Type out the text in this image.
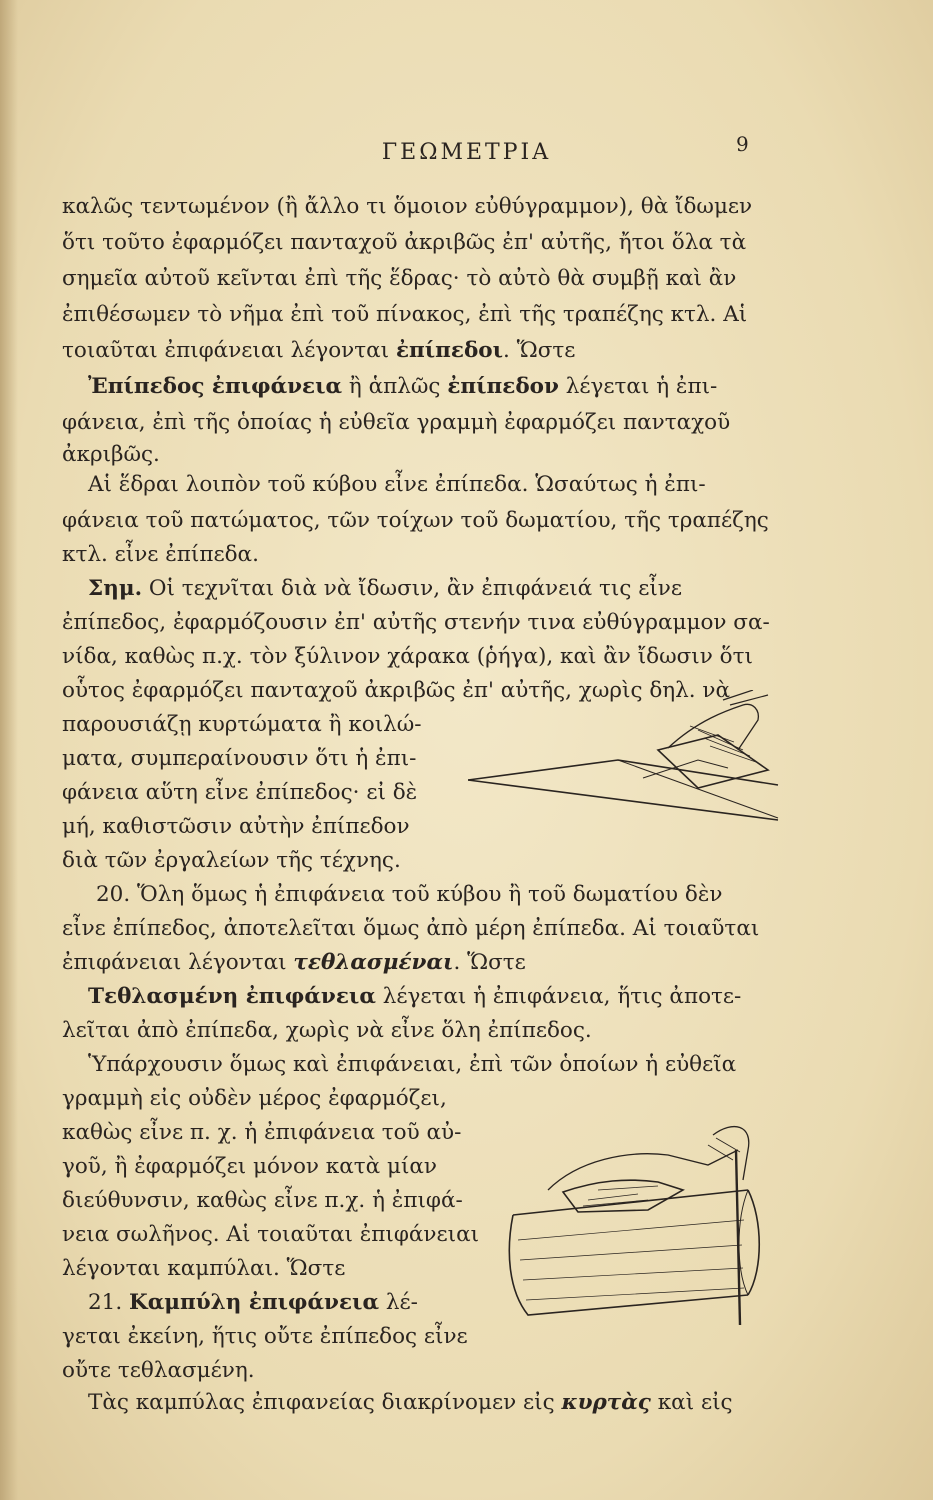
ΓΕΩΜΕΤΡΙΑ	9
καλῶς τεντωμένον (ἢ ἄλλο τι ὅμοιον εὐθύγραμμον), θὰ ἴδωμεν
ὅτι τοῦτο ἐφαρμόζει πανταχοῦ ἀκριβῶς ἐπ' αὐτῆς, ἤτοι ὅλα τὰ
σημεῖα αὐτοῦ κεῖνται ἐπὶ τῆς ἕδρας· τὸ αὐτὸ θὰ συμβῇ καὶ ἂν
ἐπιθέσωμεν τὸ νῆμα ἐπὶ τοῦ πίνακος, ἐπὶ τῆς τραπέζης κτλ. Αἱ
τοιαῦται ἐπιφάνειαι λέγονται ἐπίπεδοι. Ὥστε
Ἐπίπεδος ἐπιφάνεια ἢ ἁπλῶς ἐπίπεδον λέγεται ἡ ἐπι-
φάνεια, ἐπὶ τῆς ὁποίας ἡ εὐθεῖα γραμμὴ ἐφαρμόζει πανταχοῦ
ἀκριβῶς.
Αἱ ἕδραι λοιπὸν τοῦ κύβου εἶνε ἐπίπεδα. Ὡσαύτως ἡ ἐπι-
φάνεια τοῦ πατώματος, τῶν τοίχων τοῦ δωματίου, τῆς τραπέζης
κτλ. εἶνε ἐπίπεδα.
Σημ. Οἱ τεχνῖται διὰ νὰ ἴδωσιν, ἂν ἐπιφάνειά τις εἶνε
ἐπίπεδος, ἐφαρμόζουσιν ἐπ' αὐτῆς στενήν τινα εὐθύγραμμον σα-
νίδα, καθὼς π.χ. τὸν ξύλινον χάρακα (ῥήγα), καὶ ἂν ἴδωσιν ὅτι
οὗτος ἐφαρμόζει πανταχοῦ ἀκριβῶς ἐπ' αὐτῆς, χωρὶς δηλ. νὰ
παρουσιάζῃ κυρτώματα ἢ κοιλώ-
ματα, συμπεραίνουσιν ὅτι ἡ ἐπι-
φάνεια αὕτη εἶνε ἐπίπεδος· εἰ δὲ
μή, καθιστῶσιν αὐτὴν ἐπίπεδον
διὰ τῶν ἐργαλείων τῆς τέχνης.
20. Ὅλη ὅμως ἡ ἐπιφάνεια τοῦ κύβου ἢ τοῦ δωματίου δὲν
εἶνε ἐπίπεδος, ἀποτελεῖται ὅμως ἀπὸ μέρη ἐπίπεδα. Αἱ τοιαῦται
ἐπιφάνειαι λέγονται τεθλασμέναι. Ὥστε
Τεθλασμένη ἐπιφάνεια λέγεται ἡ ἐπιφάνεια, ἥτις ἀποτε-
λεῖται ἀπὸ ἐπίπεδα, χωρὶς νὰ εἶνε ὅλη ἐπίπεδος.
Ὑπάρχουσιν ὅμως καὶ ἐπιφάνειαι, ἐπὶ τῶν ὁποίων ἡ εὐθεῖα
γραμμὴ εἰς οὐδὲν μέρος ἐφαρμόζει,
καθὼς εἶνε π. χ. ἡ ἐπιφάνεια τοῦ αὐ-
γοῦ, ἢ ἐφαρμόζει μόνον κατὰ μίαν
διεύθυνσιν, καθὼς εἶνε π.χ. ἡ ἐπιφά-
νεια σωλῆνος. Αἱ τοιαῦται ἐπιφάνειαι
λέγονται καμπύλαι. Ὥστε
21. Καμπύλη ἐπιφάνεια λέ-
γεται ἐκείνη, ἥτις οὔτε ἐπίπεδος εἶνε
οὔτε τεθλασμένη.
Τὰς καμπύλας ἐπιφανείας διακρίνομεν εἰς κυρτὰς καὶ εἰς
